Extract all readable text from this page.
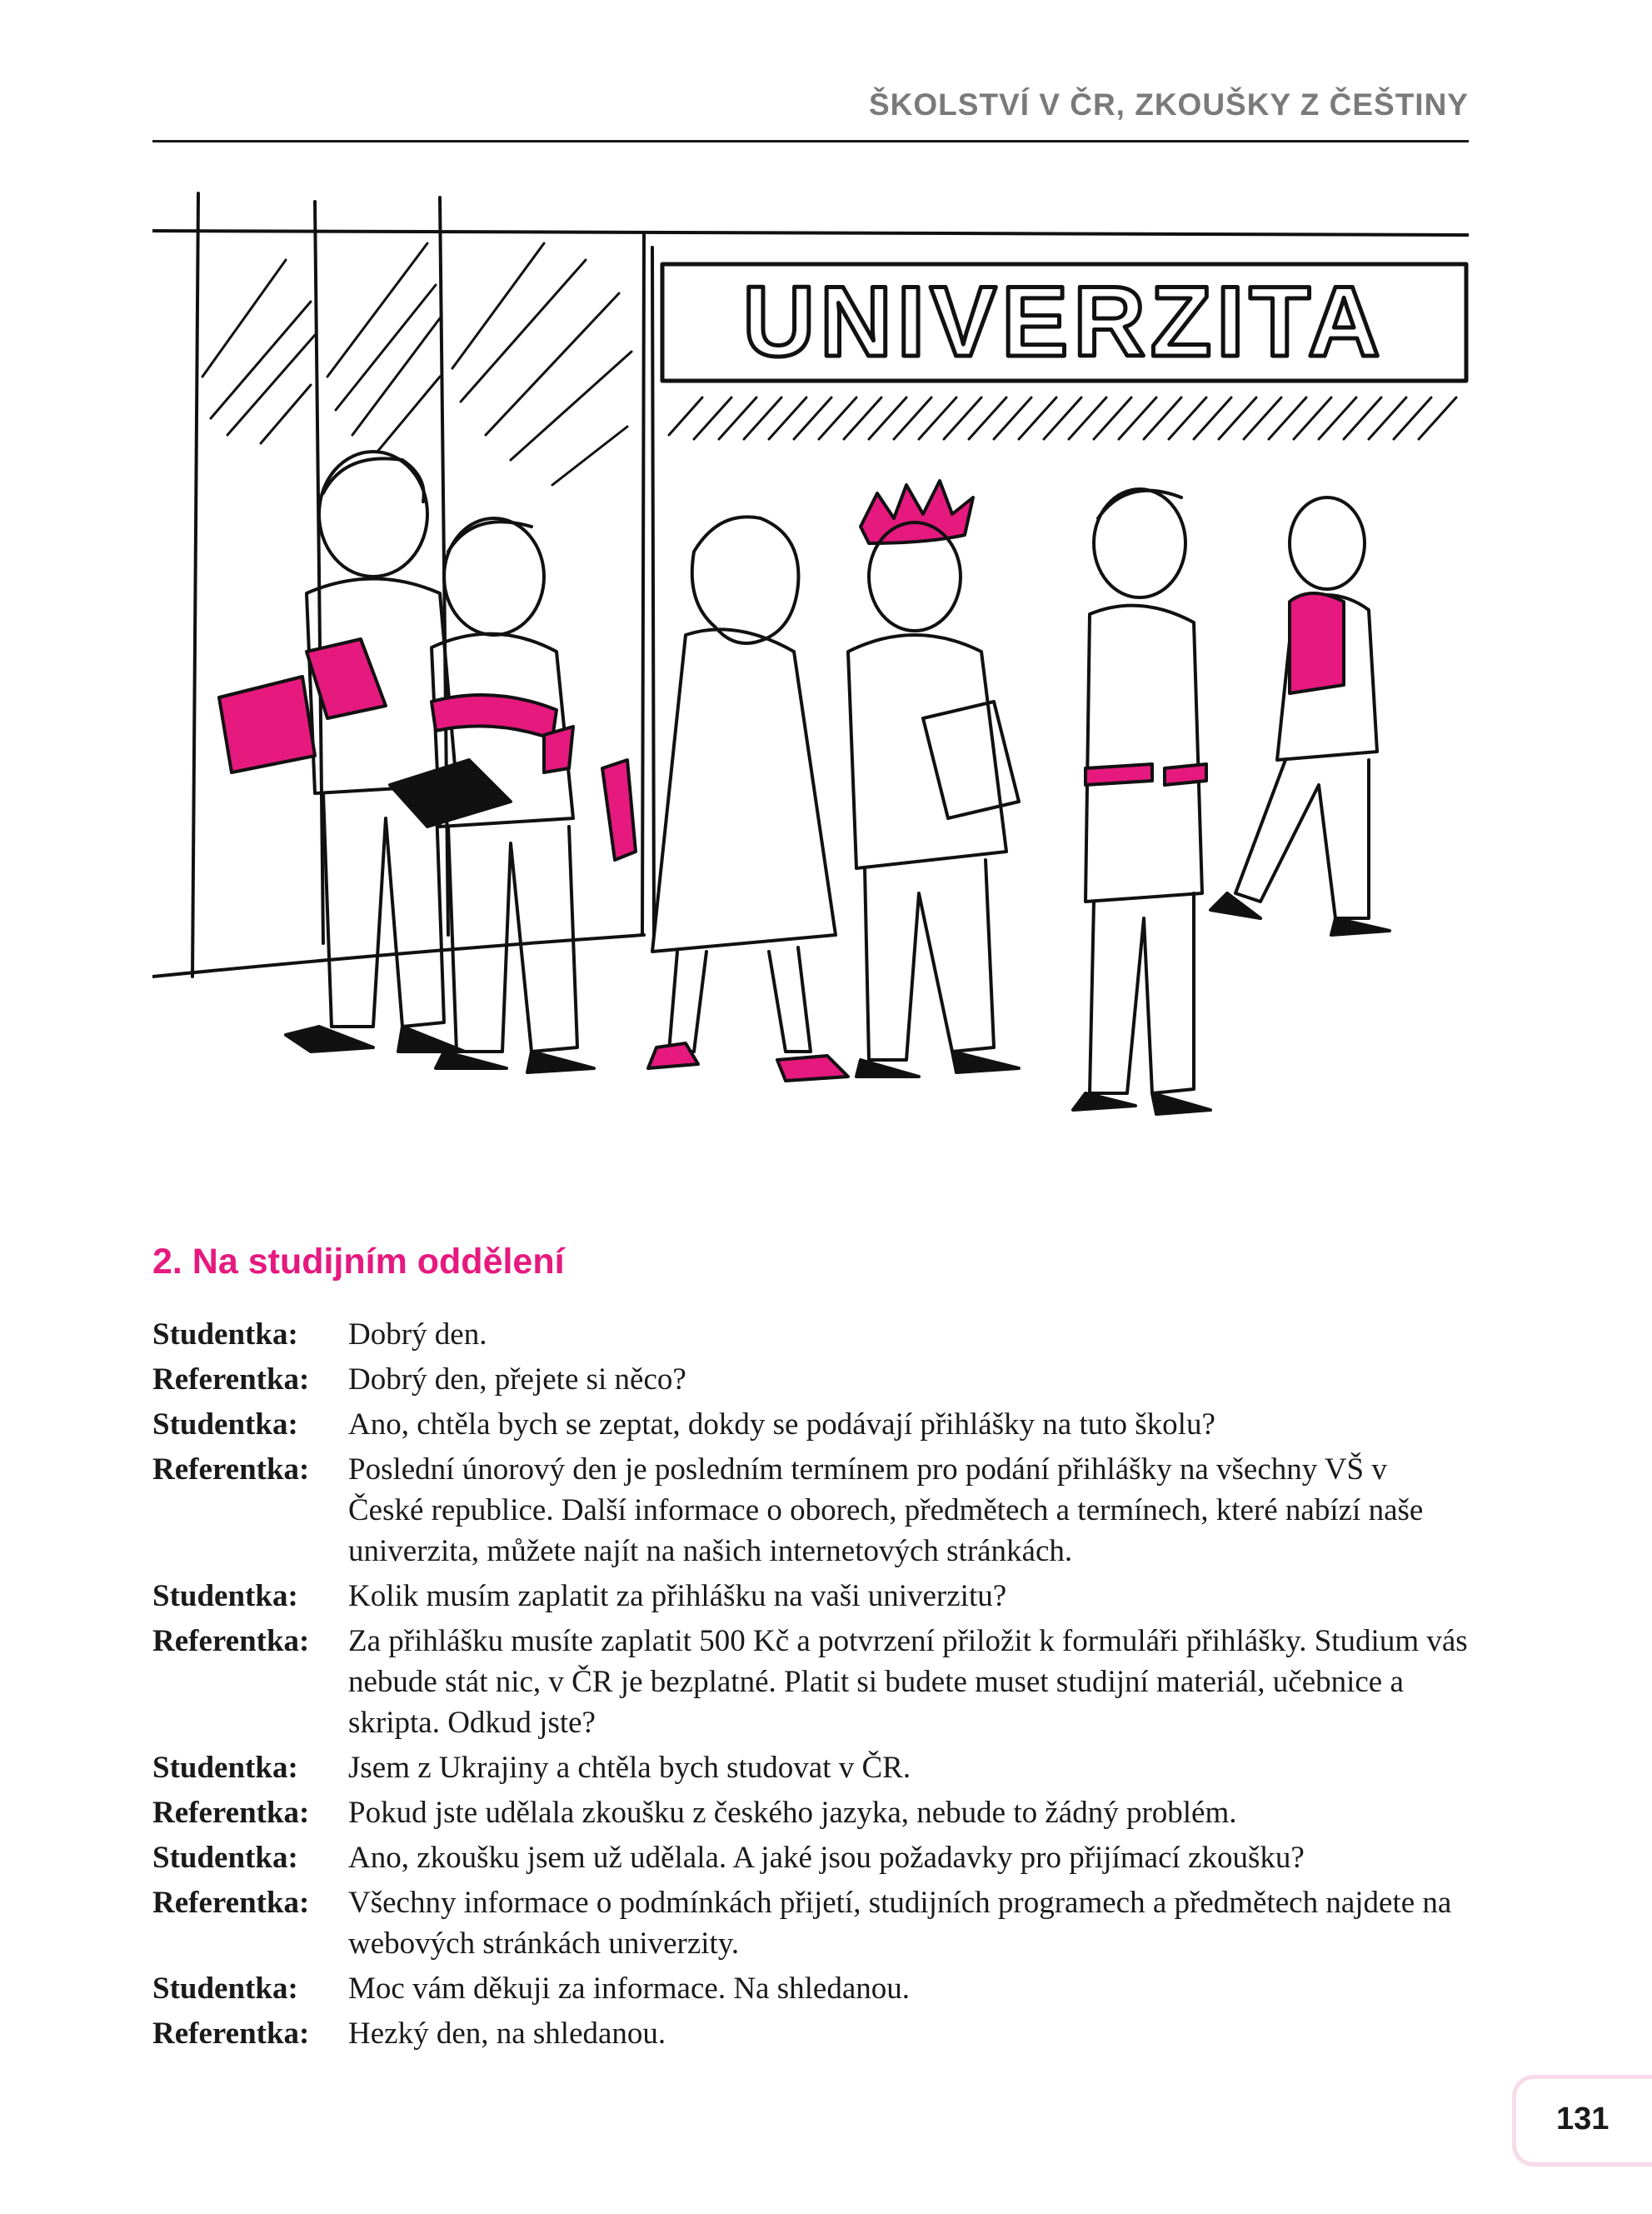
ŠKOLSTVÍ V ČR, ZKOUŠKY Z ČEŠTINY
UNIVERZITA
2. Na studijním oddělení
Studentka:	Dobrý den.
Referentka:	Dobrý den, přejete si něco?
Studentka:	Ano, chtěla bych se zeptat, dokdy se podávají přihlášky na tuto školu?
Referentka:	Poslední únorový den je posledním termínem pro podání přihlášky na všechny VŠ v České republice. Další informace o oborech, předmětech a termínech, které nabízí naše univerzita, můžete najít na našich internetových stránkách.
Studentka:	Kolik musím zaplatit za přihlášku na vaši univerzitu?
Referentka:	Za přihlášku musíte zaplatit 500 Kč a potvrzení přiložit k formuláři přihlášky. Studium vás nebude stát nic, v ČR je bezplatné. Platit si budete muset studijní materiál, učebnice a skripta. Odkud jste?
Studentka:	Jsem z Ukrajiny a chtěla bych studovat v ČR.
Referentka:	Pokud jste udělala zkoušku z českého jazyka, nebude to žádný problém.
Studentka:	Ano, zkoušku jsem už udělala. A jaké jsou požadavky pro přijímací zkoušku?
Referentka:	Všechny informace o podmínkách přijetí, studijních programech a předmětech najdete na webových stránkách univerzity.
Studentka:	Moc vám děkuji za informace. Na shledanou.
Referentka:	Hezký den, na shledanou.
131
